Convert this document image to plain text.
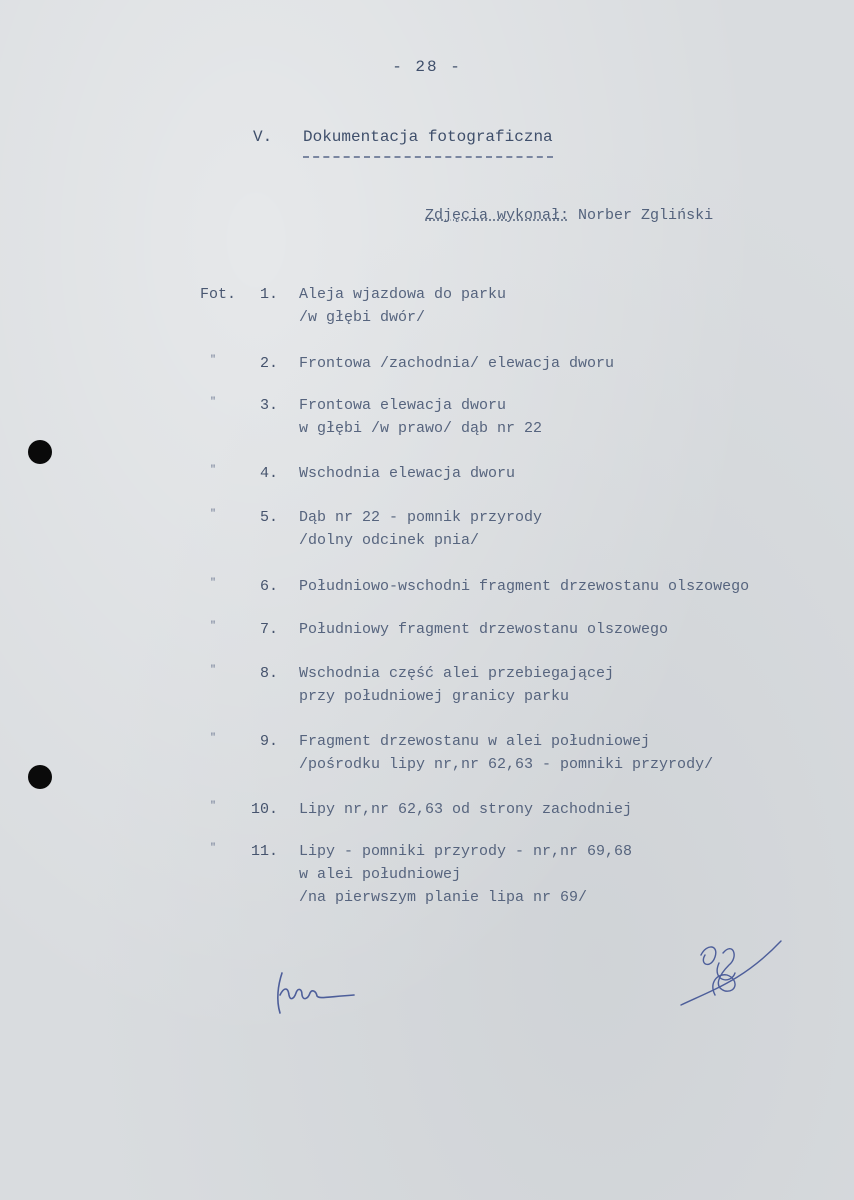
- 28 -
V. Dokumentacja fotograficzna
Zdjęcia wykonał: Norber Zgliński
Fot.	1. Aleja wjazdowa do parku
/w głębi dwór/
"	2. Frontowa /zachodnia/ elewacja dworu
"	3. Frontowa elewacja dworu
w głębi /w prawo/ dąb nr 22
"	4. Wschodnia elewacja dworu
"	5. Dąb nr 22 - pomnik przyrody
/dolny odcinek pnia/
"	6. Południowo-wschodni fragment drzewostanu olszowego
"	7. Południowy fragment drzewostanu olszowego
"	8. Wschodnia część alei przebiegającej
przy południowej granicy parku
"	9. Fragment drzewostanu w alei południowej
/pośrodku lipy nr,nr 62,63 - pomniki przyrody/
"	10. Lipy nr,nr 62,63 od strony zachodniej
"	11. Lipy - pomniki przyrody - nr,nr 69,68
w alei południowej
/na pierwszym planie lipa nr 69/
